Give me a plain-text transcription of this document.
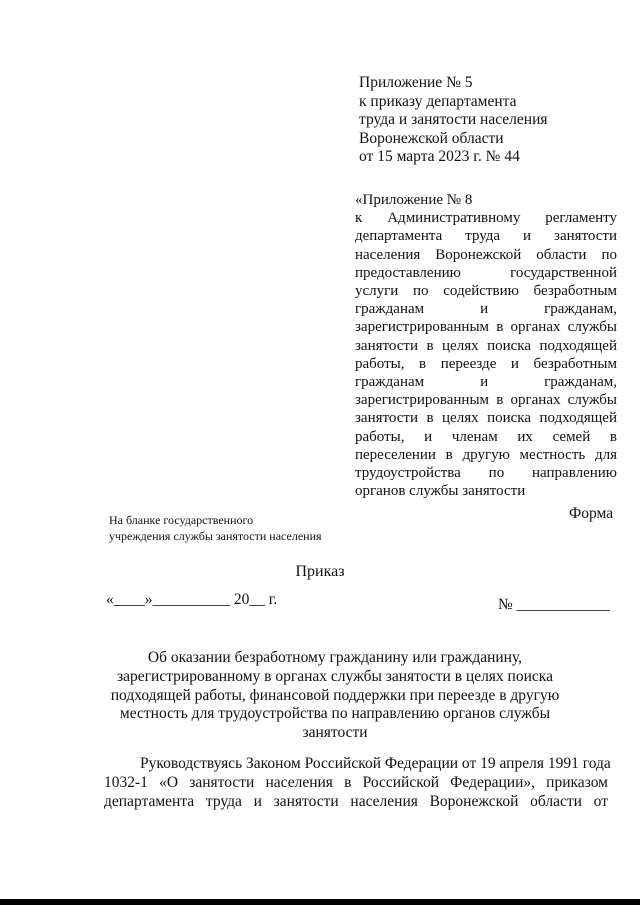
Приложение № 5
к приказу департамента
труда и занятости населения
Воронежской области
от 15 марта 2023 г. № 44
«Приложение № 8
к Административному регламенту
департамента труда и занятости
населения Воронежской области по
предоставлению государственной
услуги по содействию безработным
гражданам и гражданам,
зарегистрированным в органах службы
занятости в целях поиска подходящей
работы, в переезде и безработным
гражданам и гражданам,
зарегистрированным в органах службы
занятости в целях поиска подходящей
работы, и членам их семей в
переселении в другую местность для
трудоустройства по направлению
органов службы занятости
Форма
На бланке государственного
учреждения службы занятости населения
Приказ
«____»__________ 20__ г.	№ ____________
Об оказании безработному гражданину или гражданину,
зарегистрированному в органах службы занятости в целях поиска
подходящей работы, финансовой поддержки при переезде в другую
местность для трудоустройства по направлению органов службы занятости
Руководствуясь Законом Российской Федерации от 19 апреля 1991 года
1032-1 «О занятости населения в Российской Федерации», приказом
департамента труда и занятости населения Воронежской области от
